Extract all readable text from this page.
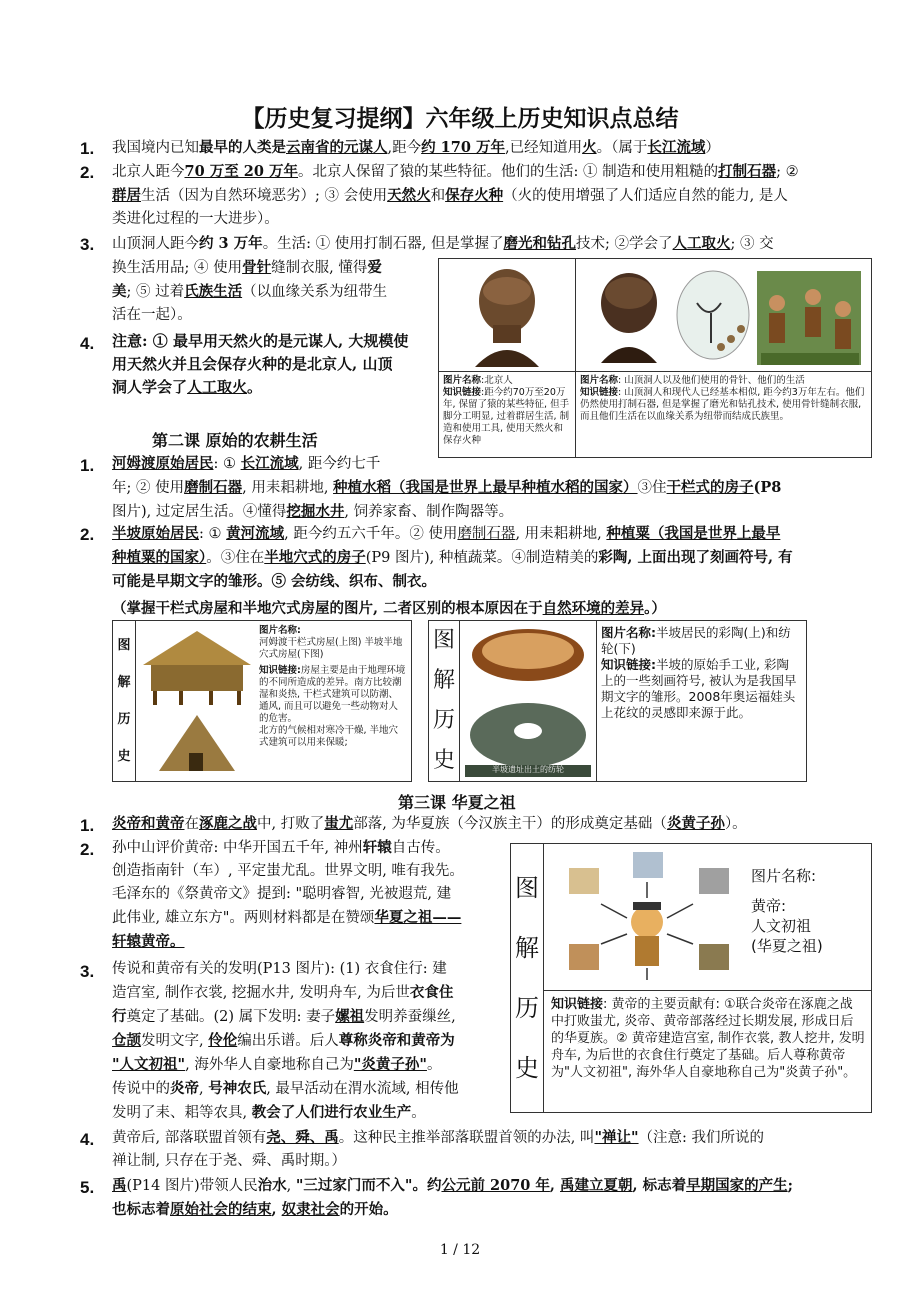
【历史复习提纲】六年级上历史知识点总结
1. 我国境内已知最早的人类是云南省的元谋人,距今约 170 万年,已经知道用火。（属于长江流域）
2. 北京人距今70 万至 20 万年。北京人保留了猿的某些特征。他们的生活: ① 制造和使用粗糙的打制石器; ②
群居生活（因为自然环境恶劣）; ③ 会使用天然火和保存火种（火的使用增强了人们适应自然的能力, 是人
类进化过程的一大进步）。
3. 山顶洞人距今约 3 万年。生活: ① 使用打制石器, 但是掌握了磨光和钻孔技术; ②学会了人工取火; ③ 交
换生活用品; ④ 使用骨针缝制衣服, 懂得爱
美; ⑤ 过着氏族生活（以血缘关系为纽带生
活在一起）。
4. 注意: ① 最早用天然火的是元谋人, 大规模使
用天然火并且会保存火种的是北京人, 山顶
洞人学会了人工取火。	图片名称:北京人
知识链接:距今约70万至20万年, 保留了猿的某些特征, 但手脚分工明显, 过着群居生活, 制造和使用工具, 使用天然火和保存火种
图片名称: 山顶洞人以及他们使用的骨针、他们的生活
知识链接: 山顶洞人和现代人已经基本相似, 距今约3万年左右。他们仍然使用打制石器, 但是掌握了磨光和钻孔技术, 使用骨针缝制衣服, 而且他们生活在以血缘关系为纽带而结成氏族里。
第二课 原始的农耕生活
1. 河姆渡原始居民: ① 长江流域, 距今约七千
年; ② 使用磨制石器, 用耒耜耕地, 种植水稻（我国是世界上最早种植水稻的国家）③住干栏式的房子(P8
图片), 过定居生活。④懂得挖掘水井, 饲养家畜、制作陶器等。
2. 半坡原始居民: ① 黄河流域, 距今约五六千年。② 使用磨制石器, 用耒耜耕地, 种植粟（我国是世界上最早
种植粟的国家）。③住在半地穴式的房子(P9 图片), 种植蔬菜。④制造精美的彩陶, 上面出现了刻画符号, 有
可能是早期文字的雏形。⑤ 会纺线、织布、制衣。
（掌握干栏式房屋和半地穴式房屋的图片, 二者区别的根本原因在于自然环境的差异。）
图
解
历
史
图片名称:
河姆渡干栏式房屋(上图) 半坡半地穴式房屋(下图)
知识链接:房屋主要是由于地理环境的不同所造成的差异。南方比较潮湿和炎热, 干栏式建筑可以防潮、通风, 而且可以避免一些动物对人的危害。
北方的气候相对寒冷干燥, 半地穴式建筑可以用来保暖;
图
解
历
史	半坡遗址出土的纺轮
图片名称:半坡居民的彩陶(上)和纺轮(下)
知识链接:半坡的原始手工业, 彩陶上的一些刻画符号, 被认为是我国早期文字的雏形。2008年奥运福娃头上花纹的灵感即来源于此。
第三课 华夏之祖
1. 炎帝和黄帝在涿鹿之战中, 打败了蚩尤部落, 为华夏族（今汉族主干）的形成奠定基础（炎黄子孙）。
2. 孙中山评价黄帝: 中华开国五千年, 神州轩辕自古传。
创造指南针（车）, 平定蚩尤乱。世界文明, 唯有我先。
毛泽东的《祭黄帝文》提到: "聪明睿智, 光被遐荒, 建
此伟业, 雄立东方"。两则材料都是在赞颂华夏之祖——
轩辕黄帝。
3. 传说和黄帝有关的发明(P13 图片): (1) 衣食住行: 建
造宫室, 制作衣裳, 挖掘水井, 发明舟车, 为后世衣食住
行奠定了基础。(2) 属下发明: 妻子嫘祖发明养蚕缫丝,
仓颉发明文字, 伶伦编出乐谱。后人尊称炎帝和黄帝为
"人文初祖", 海外华人自豪地称自己为"炎黄子孙"。
传说中的炎帝, 号神农氏, 最早活动在渭水流域, 相传他
发明了耒、耜等农具, 教会了人们进行农业生产。
图
解
历
史
图片名称:
黄帝:
人文初祖
(华夏之祖)
知识链接: 黄帝的主要贡献有: ①联合炎帝在涿鹿之战中打败蚩尤, 炎帝、黄帝部落经过长期发展, 形成日后的华夏族。② 黄帝建造宫室, 制作衣裳, 教人挖井, 发明舟车, 为后世的衣食住行奠定了基础。后人尊称黄帝为"人文初祖", 海外华人自豪地称自己为"炎黄子孙"。
4. 黄帝后, 部落联盟首领有尧、舜、禹。这种民主推举部落联盟首领的办法, 叫"禅让"（注意: 我们所说的
禅让制, 只存在于尧、舜、禹时期。）
5. 禹(P14 图片)带领人民治水, "三过家门而不入"。约公元前 2070 年, 禹建立夏朝, 标志着早期国家的产生;
也标志着原始社会的结束, 奴隶社会的开始。
1 / 12
